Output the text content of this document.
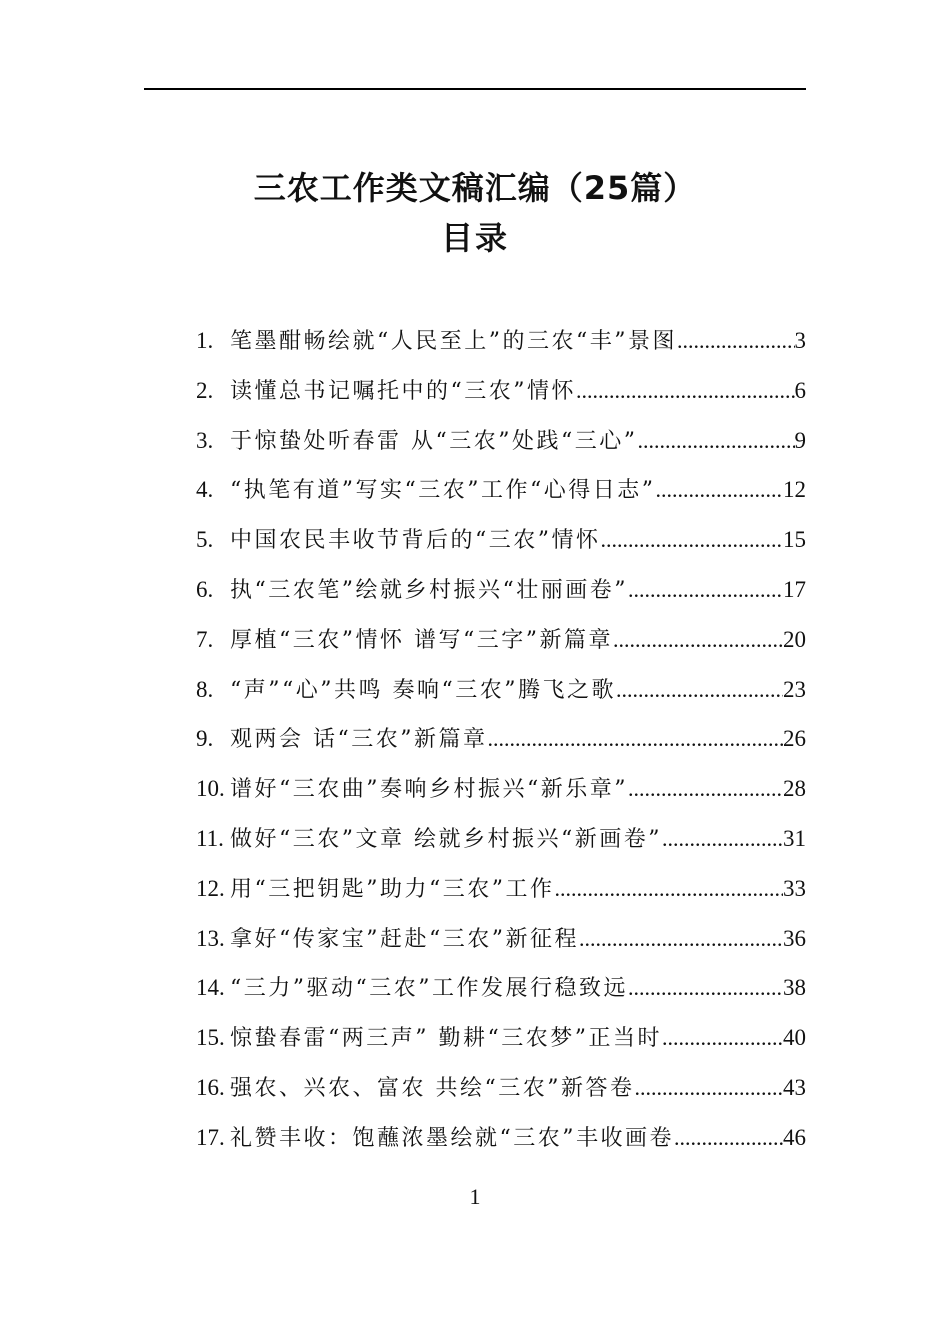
三农工作类文稿汇编（25篇）
目录
1. 笔墨酣畅绘就“人民至上”的三农“丰”景图 .....	3
2. 读懂总书记嘱托中的“三农”情怀 .....	6
3. 于惊蛰处听春雷 从“三农”处践“三心” .....	9
4. “执笔有道”写实“三农”工作“心得日志” .....	12
5. 中国农民丰收节背后的“三农”情怀 .....	15
6. 执“三农笔”绘就乡村振兴“壮丽画卷” .....	17
7. 厚植“三农”情怀 谱写“三字”新篇章 .....	20
8. “声”“心”共鸣 奏响“三农”腾飞之歌 .....	23
9. 观两会 话“三农”新篇章 .....	26
10. 谱好“三农曲”奏响乡村振兴“新乐章” .....	28
11. 做好“三农”文章 绘就乡村振兴“新画卷” .....	31
12. 用“三把钥匙”助力“三农”工作 .....	33
13. 拿好“传家宝”赶赴“三农”新征程 .....	36
14. “三力”驱动“三农”工作发展行稳致远 .....	38
15. 惊蛰春雷“两三声” 勤耕“三农梦”正当时 .....	40
16. 强农、兴农、富农 共绘“三农”新答卷 .....	43
17. 礼赞丰收：饱蘸浓墨绘就“三农”丰收画卷 .....	46
1
